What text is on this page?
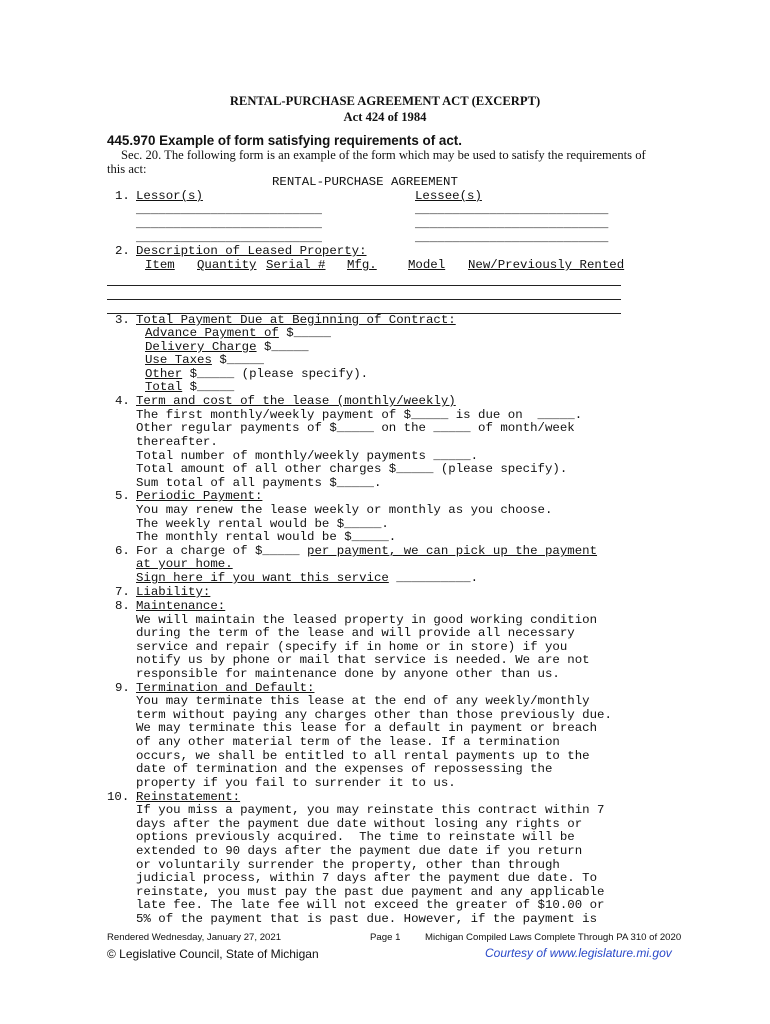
RENTAL-PURCHASE AGREEMENT ACT (EXCERPT)
Act 424 of 1984
445.970 Example of form satisfying requirements of act.
Sec. 20. The following form is an example of the form which may be used to satisfy the requirements of this act:
RENTAL-PURCHASE AGREEMENT
1. Lessor(s)	Lessee(s)
_________________________	__________________________
_________________________	__________________________
_________________________	__________________________
2. Description of Leased Property:
Item Quantity Serial # Mfg.	Model New/Previously Rented
3. Total Payment Due at Beginning of Contract:
Advance Payment of $_____
Delivery Charge $_____
Use Taxes $_____
Other $_____ (please specify).
Total $_____
4. Term and cost of the lease (monthly/weekly)
The first monthly/weekly payment of $_____ is due on  _____.
Other regular payments of $_____ on the _____ of month/week
thereafter.
Total number of monthly/weekly payments _____.
Total amount of all other charges $_____ (please specify).
Sum total of all payments $_____.
5. Periodic Payment:
You may renew the lease weekly or monthly as you choose.
The weekly rental would be $_____.
The monthly rental would be $_____.
6. For a charge of $_____ per payment, we can pick up the payment
at your home.
Sign here if you want this service __________.
7. Liability:
8. Maintenance:
We will maintain the leased property in good working condition
during the term of the lease and will provide all necessary
service and repair (specify if in home or in store) if you
notify us by phone or mail that service is needed. We are not
responsible for maintenance done by anyone other than us.
9. Termination and Default:
You may terminate this lease at the end of any weekly/monthly
term without paying any charges other than those previously due.
We may terminate this lease for a default in payment or breach
of any other material term of the lease. If a termination
occurs, we shall be entitled to all rental payments up to the
date of termination and the expenses of repossessing the
property if you fail to surrender it to us.
10. Reinstatement:
If you miss a payment, you may reinstate this contract within 7
days after the payment due date without losing any rights or
options previously acquired.  The time to reinstate will be
extended to 90 days after the payment due date if you return
or voluntarily surrender the property, other than through
judicial process, within 7 days after the payment due date. To
reinstate, you must pay the past due payment and any applicable
late fee. The late fee will not exceed the greater of $10.00 or
5% of the payment that is past due. However, if the payment is
Rendered Wednesday, January 27, 2021	Page 1	Michigan Compiled Laws Complete Through PA 310 of 2020
© Legislative Council, State of Michigan	Courtesy of www.legislature.mi.gov
